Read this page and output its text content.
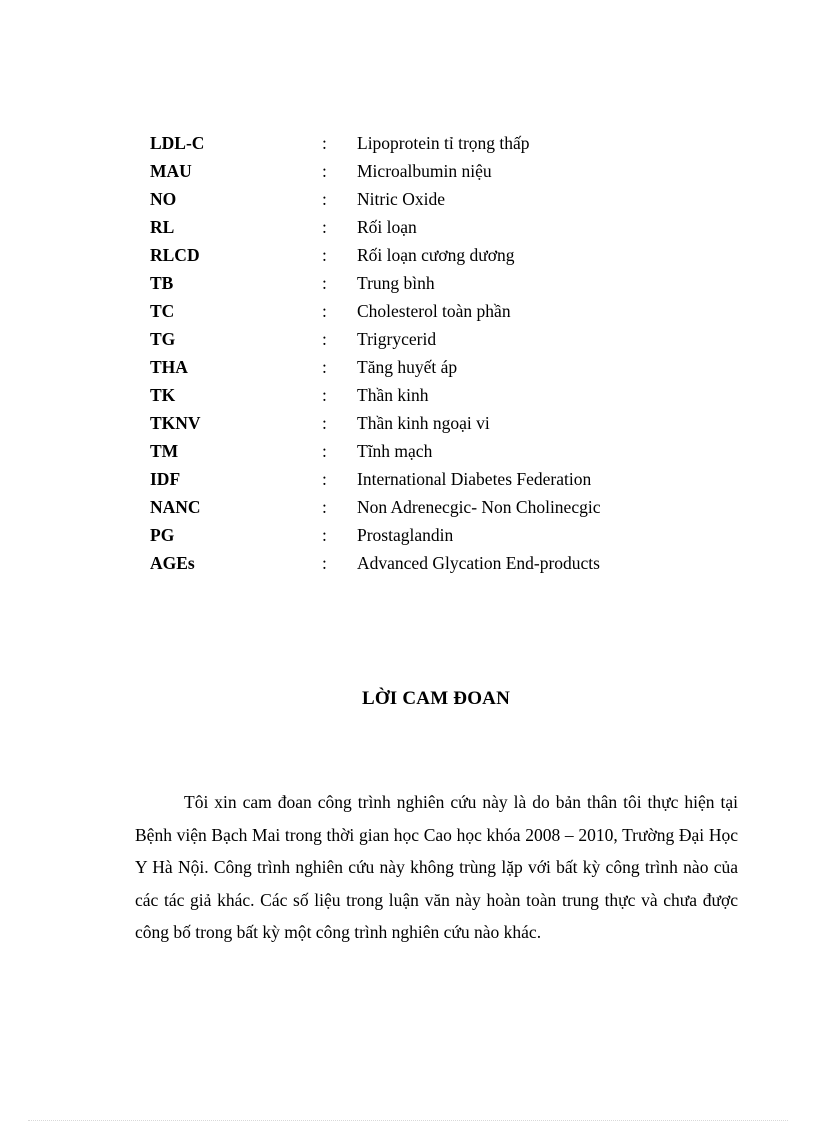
LDL-C	:	Lipoprotein tỉ trọng thấp
MAU	:	Microalbumin niệu
NO	:	Nitric Oxide
RL	:	Rối loạn
RLCD	:	Rối loạn cương dương
TB	:	Trung bình
TC	:	Cholesterol toàn phần
TG	:	Trigrycerid
THA	:	Tăng huyết áp
TK	:	Thần kinh
TKNV	:	Thần kinh ngoại vi
TM	:	Tĩnh mạch
IDF	:	International Diabetes Federation
NANC	:	Non Adrenecgic- Non Cholinecgic
PG	:	Prostaglandin
AGEs	:	Advanced Glycation End-products
LỜI CAM ĐOAN

Tôi xin cam đoan công trình nghiên cứu này là do bản thân tôi thực hiện tại Bệnh viện Bạch Mai trong thời gian học Cao học khóa 2008 – 2010, Trường Đại Học Y Hà Nội. Công trình nghiên cứu này không trùng lặp với bất kỳ công trình nào của các tác giả khác. Các số liệu trong luận văn này hoàn toàn trung thực và chưa được công bố trong bất kỳ một công trình nghiên cứu nào khác.
